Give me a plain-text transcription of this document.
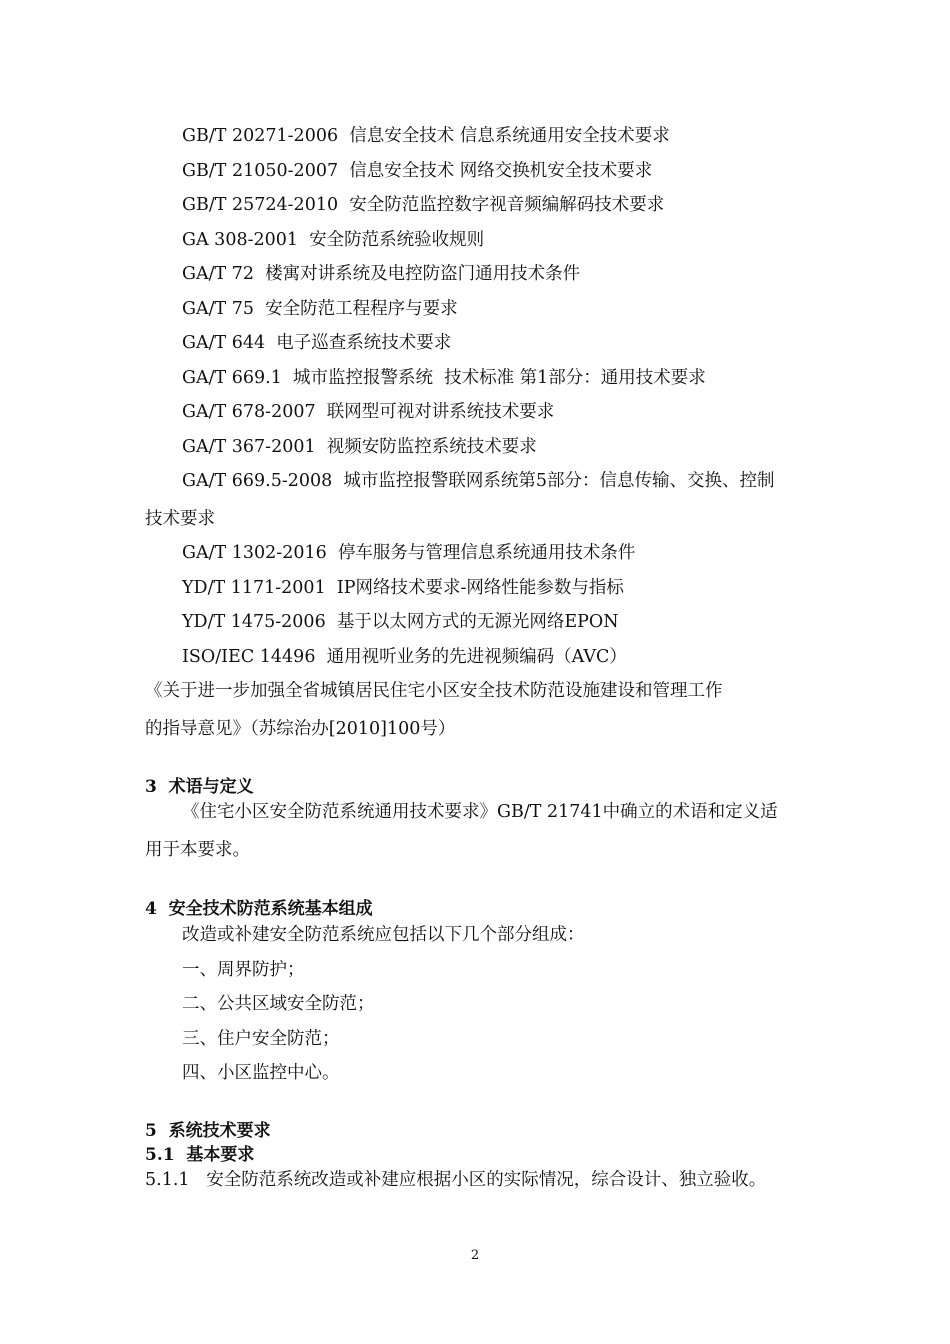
GB/T 20271-2006  信息安全技术 信息系统通用安全技术要求
GB/T 21050-2007  信息安全技术 网络交换机安全技术要求
GB/T 25724-2010  安全防范监控数字视音频编解码技术要求
GA 308-2001  安全防范系统验收规则
GA/T 72  楼寓对讲系统及电控防盗门通用技术条件
GA/T 75  安全防范工程程序与要求
GA/T 644  电子巡查系统技术要求
GA/T 669.1  城市监控报警系统  技术标准 第1部分：通用技术要求
GA/T 678-2007  联网型可视对讲系统技术要求
GA/T 367-2001  视频安防监控系统技术要求
GA/T 669.5-2008  城市监控报警联网系统第5部分：信息传输、交换、控制
技术要求
GA/T 1302-2016  停车服务与管理信息系统通用技术条件
YD/T 1171-2001  IP网络技术要求-网络性能参数与指标
YD/T 1475-2006  基于以太网方式的无源光网络EPON
ISO/IEC 14496  通用视听业务的先进视频编码（AVC）
《关于进一步加强全省城镇居民住宅小区安全技术防范设施建设和管理工作
的指导意见》（苏综治办[2010]100号）
3  术语与定义
《住宅小区安全防范系统通用技术要求》GB/T 21741中确立的术语和定义适
用于本要求。
4  安全技术防范系统基本组成
改造或补建安全防范系统应包括以下几个部分组成：
一、周界防护；
二、公共区域安全防范；
三、住户安全防范；
四、小区监控中心。
5  系统技术要求
5.1  基本要求
5.1.1   安全防范系统改造或补建应根据小区的实际情况，综合设计、独立验收。
2
